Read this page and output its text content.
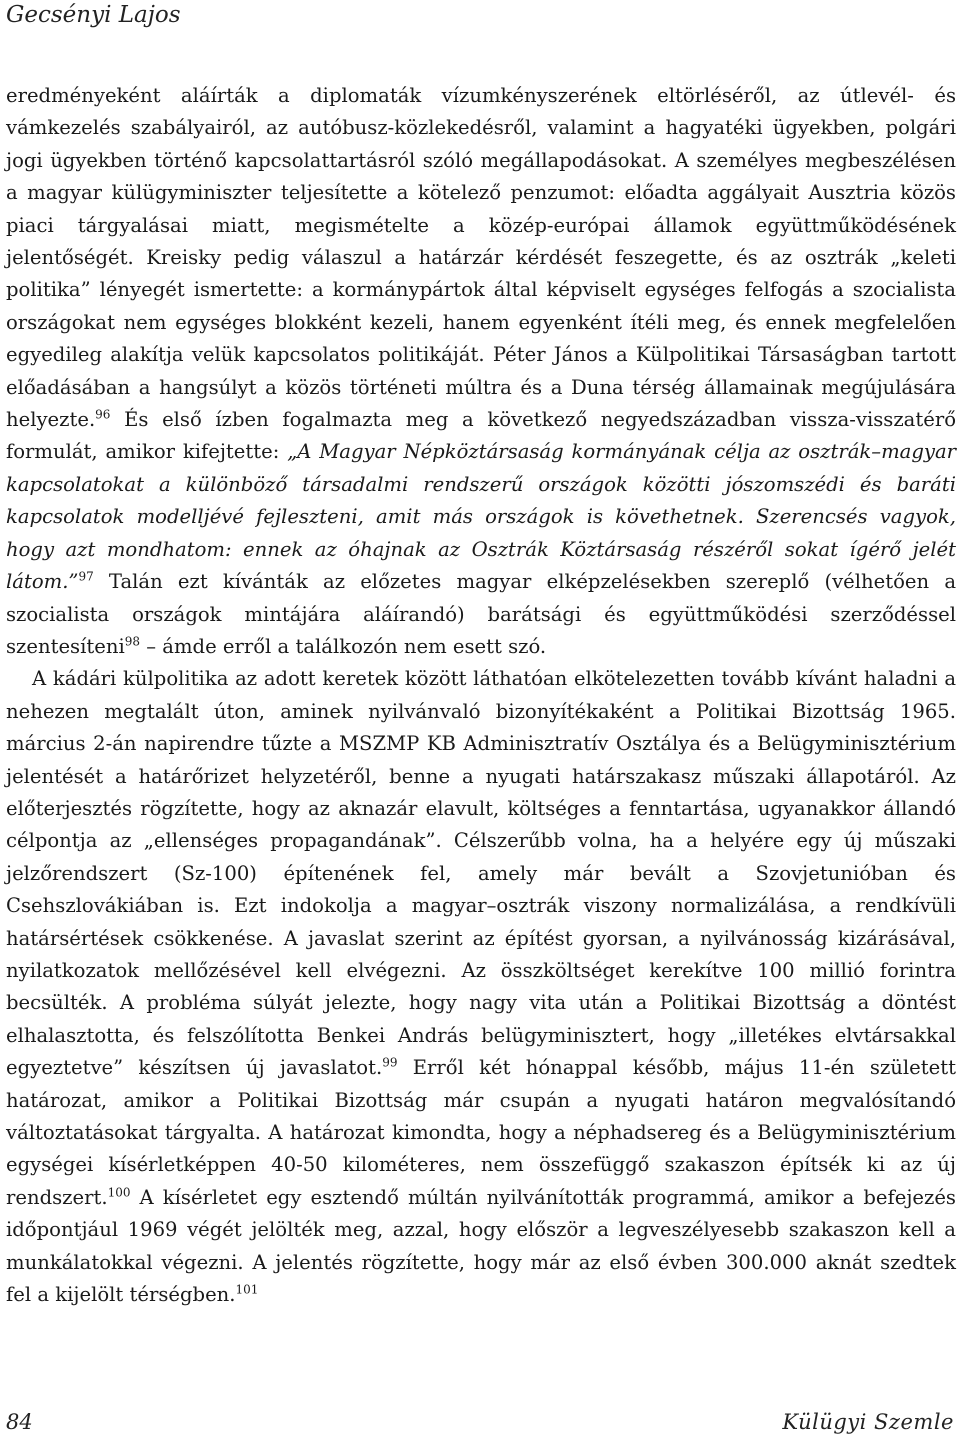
Gecsényi Lajos

eredményeként aláírták a diplomaták vízumkényszerének eltörléséről, az útlevél- és vámkezelés szabályairól, az autóbusz-közlekedésről, valamint a hagyatéki ügyekben, polgári jogi ügyekben történő kapcsolattartásról szóló megállapodásokat. A személyes megbeszélésen a magyar külügyminiszter teljesítette a kötelező penzumot: előadta aggályait Ausztria közös piaci tárgyalásai miatt, megismételte a közép-európai államok együttműködésének jelentőségét. Kreisky pedig válaszul a határzár kérdését feszegette, és az osztrák „keleti politika” lényegét ismertette: a kormánypártok által képviselt egységes felfogás a szocialista országokat nem egységes blokként kezeli, hanem egyenként ítéli meg, és ennek megfelelően egyedileg alakítja velük kapcsolatos politikáját. Péter János a Külpolitikai Társaságban tartott előadásában a hangsúlyt a közös történeti múltra és a Duna térség államainak megújulására helyezte.$^{96}$ És első ízben fogalmazta meg a következő negyedszázadban vissza-visszatérő formulát, amikor kifejtette: „A Magyar Népköztársaság kormányának célja az osztrák–magyar kapcsolatokat a különböző társadalmi rendszerű országok közötti jószomszédi és baráti kapcsolatok modelljévé fejleszteni, amit más országok is követhetnek. Szerencsés vagyok, hogy azt mondhatom: ennek az óhajnak az Osztrák Köztársaság részéről sokat ígérő jelét látom.”$^{97}$ Talán ezt kívánták az előzetes magyar elképzelésekben szereplő (vélhetően a szocialista országok mintájára aláírandó) barátsági és együttműködési szerződéssel szentesíteni$^{98}$ – ámde erről a találkozón nem esett szó.

A kádári külpolitika az adott keretek között láthatóan elkötelezetten tovább kívánt haladni a nehezen megtalált úton, aminek nyilvánvaló bizonyítékaként a Politikai Bizottság 1965. március 2-án napirendre tűzte a MSZMP KB Adminisztratív Osztálya és a Belügyminisztérium jelentését a határőrizet helyzetéről, benne a nyugati határszakasz műszaki állapotáról. Az előterjesztés rögzítette, hogy az aknazár elavult, költséges a fenntartása, ugyanakkor állandó célpontja az „ellenséges propagandának”. Célszerűbb volna, ha a helyére egy új műszaki jelzőrendszert (Sz-100) építenének fel, amely már bevált a Szovjetunióban és Csehszlovákiában is. Ezt indokolja a magyar–osztrák viszony normalizálása, a rendkívüli határsértések csökkenése. A javaslat szerint az építést gyorsan, a nyilvánosság kizárásával, nyilatkozatok mellőzésével kell elvégezni. Az összköltséget kerekítve 100 millió forintra becsülték. A probléma súlyát jelezte, hogy nagy vita után a Politikai Bizottság a döntést elhalasztotta, és felszólította Benkei András belügyminisztert, hogy „illetékes elvtársakkal egyeztetve” készítsen új javaslatot.$^{99}$ Erről két hónappal később, május 11-én született határozat, amikor a Politikai Bizottság már csupán a nyugati határon megvalósítandó változtatásokat tárgyalta. A határozat kimondta, hogy a néphadsereg és a Belügyminisztérium egységei kísérletképpen 40-50 kilométeres, nem összefüggő szakaszon építsék ki az új rendszert.$^{100}$ A kísérletet egy esztendő múltán nyilvánították programmá, amikor a befejezés időpontjául 1969 végét jelölték meg, azzal, hogy először a legveszélyesebb szakaszon kell a munkálatokkal végezni. A jelentés rögzítette, hogy már az első évben 300.000 aknát szedtek fel a kijelölt térségben.$^{101}$

84	Külügyi Szemle
